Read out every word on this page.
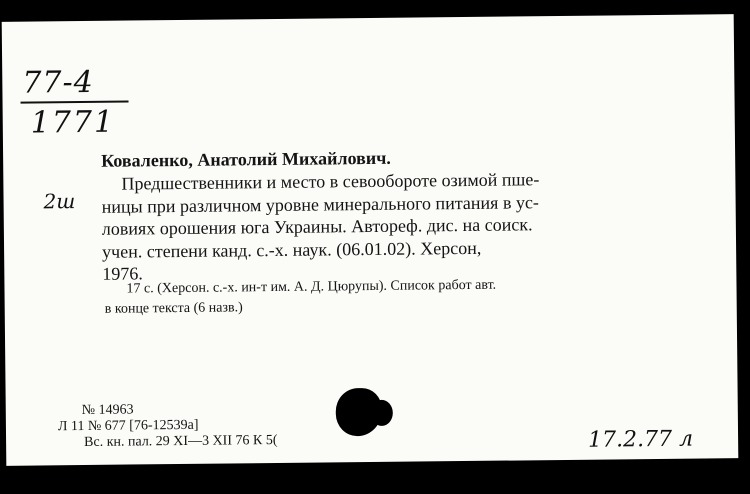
77-4
1771
2ш
Коваленко, Анатолий Михайлович.
Предшественники и место в севообороте озимой пше-
ницы при различном уровне минерального питания в ус-
ловиях орошения юга Украины. Автореф. дис. на соиск.
учен. степени канд. с.-х. наук. (06.01.02). Херсон,
1976.
17 с. (Херсон. с.-х. ин-т им. А. Д. Цюрупы). Список работ авт.
в конце текста (6 назв.)
№ 14963
Л 11 № 677 [76-12539а]
Вс. кн. пал. 29 XI—3 XII 76 К 5(	17.2.77 л
